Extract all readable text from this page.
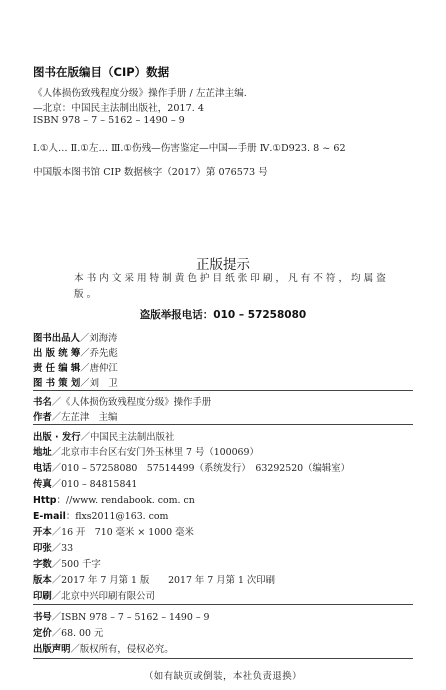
图书在版编目（CIP）数据
《人体损伤致残程度分级》操作手册 / 左芷津主编.
—北京：中国民主法制出版社，2017. 4
ISBN 978 – 7 – 5162 – 1490 – 9
Ⅰ.①人… Ⅱ.①左… Ⅲ.①伤残—伤害鉴定—中国—手册 Ⅳ.①D923. 8 ~ 62
中国版本图书馆 CIP 数据核字（2017）第 076573 号
正版提示
本书内文采用特制黄色护目纸张印刷，凡有不符，均属盗版。
盗版举报电话：010 – 57258080
图书出品人／刘海涛
出 版 统 筹／乔先彪
责 任 编 辑／唐仲江
图 书 策 划／刘　卫
书名／《人体损伤致残程度分级》操作手册
作者／左芷津　主编
出版 · 发行／中国民主法制出版社
地址／北京市丰台区右安门外玉林里 7 号（100069）
电话／010 – 57258080　57514499（系统发行）　63292520（编辑室）
传真／010 – 84815841
Http：//www. rendabook. com. cn
E-mail：flxs2011@163. com
开本／16 开　710 毫米 × 1000 毫米
印张／33
字数／500 千字
版本／2017 年 7 月第 1 版　　2017 年 7 月第 1 次印刷
印刷／北京中兴印刷有限公司
书号／ISBN 978 – 7 – 5162 – 1490 – 9
定价／68. 00 元
出版声明／版权所有，侵权必究。
（如有缺页或倒装，本社负责退换）
